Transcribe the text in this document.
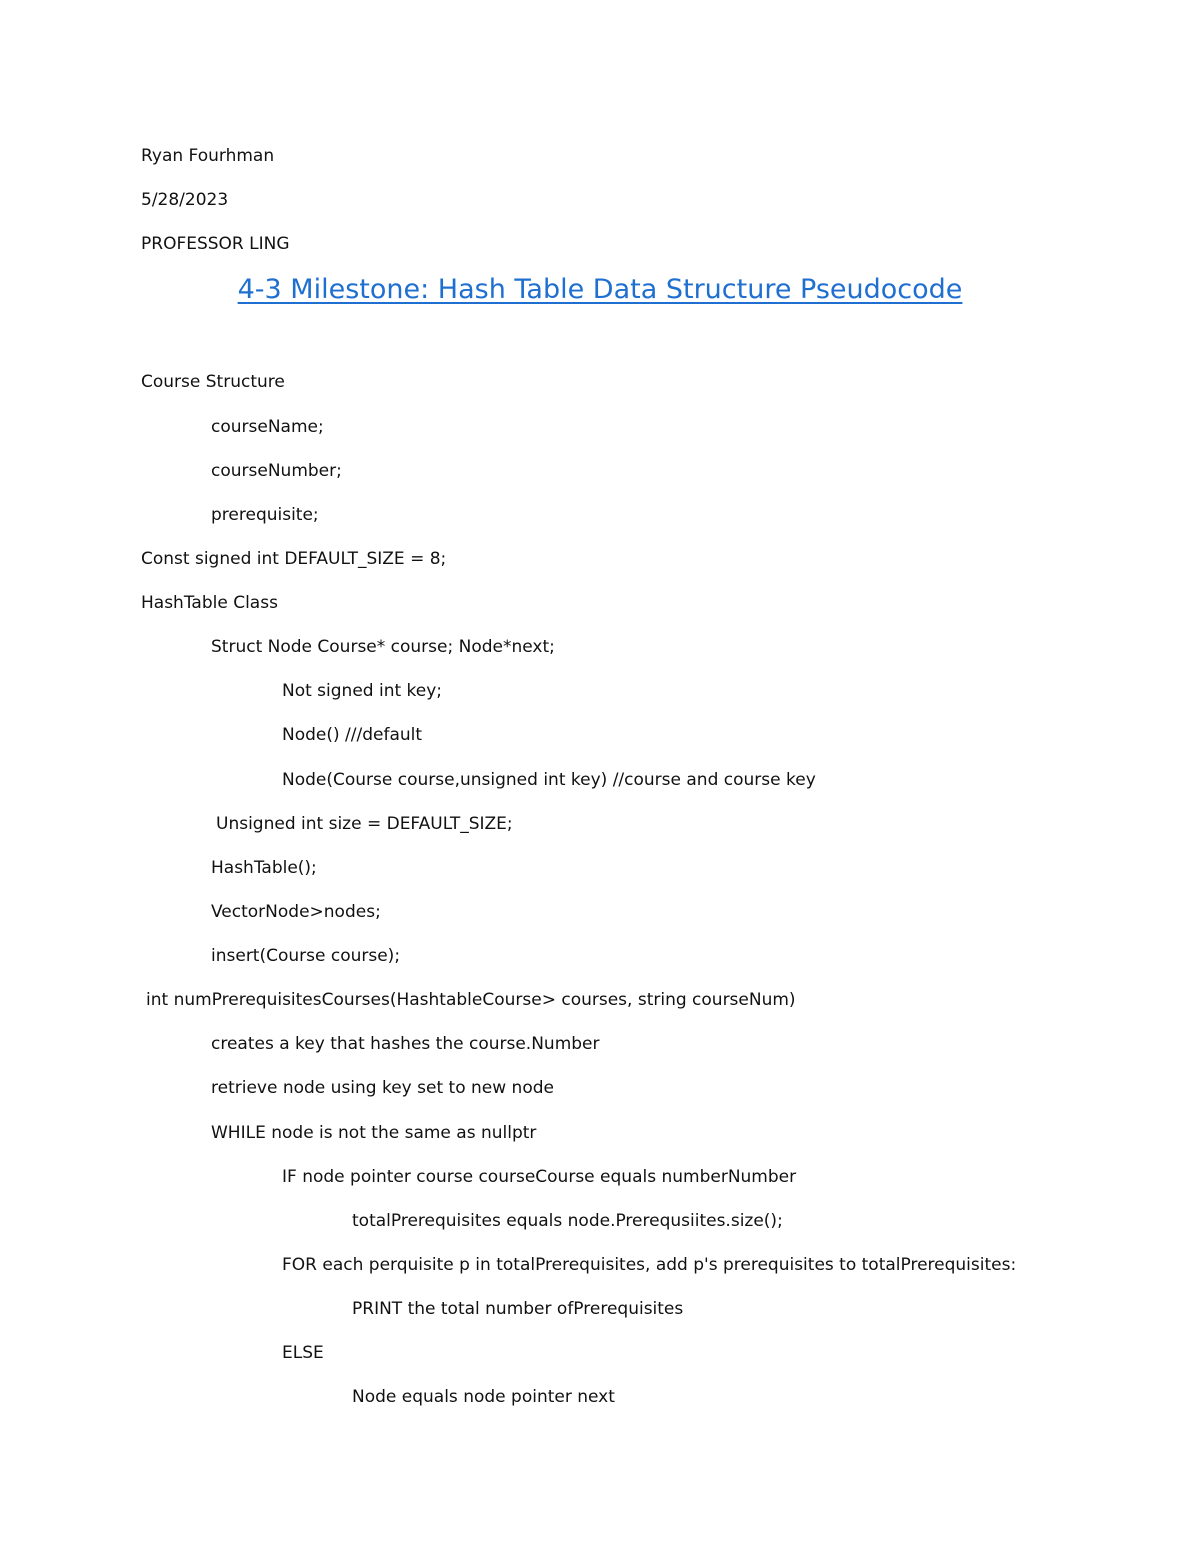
Ryan Fourhman
5/28/2023
PROFESSOR LING
4-3 Milestone: Hash Table Data Structure Pseudocode
Course Structure
courseName;
courseNumber;
prerequisite;
Const signed int DEFAULT_SIZE = 8;
HashTable Class
Struct Node Course* course; Node*next;
Not signed int key;
Node() ///default
Node(Course course,unsigned int key) //course and course key
Unsigned int size = DEFAULT_SIZE;
HashTable();
VectorNode>nodes;
insert(Course course);
int numPrerequisitesCourses(HashtableCourse> courses, string courseNum)
creates a key that hashes the course.Number
retrieve node using key set to new node
WHILE node is not the same as nullptr
IF node pointer course courseCourse equals numberNumber
totalPrerequisites equals node.Prerequsiites.size();
FOR each perquisite p in totalPrerequisites, add p's prerequisites to totalPrerequisites:
PRINT the total number ofPrerequisites
ELSE
Node equals node pointer next
